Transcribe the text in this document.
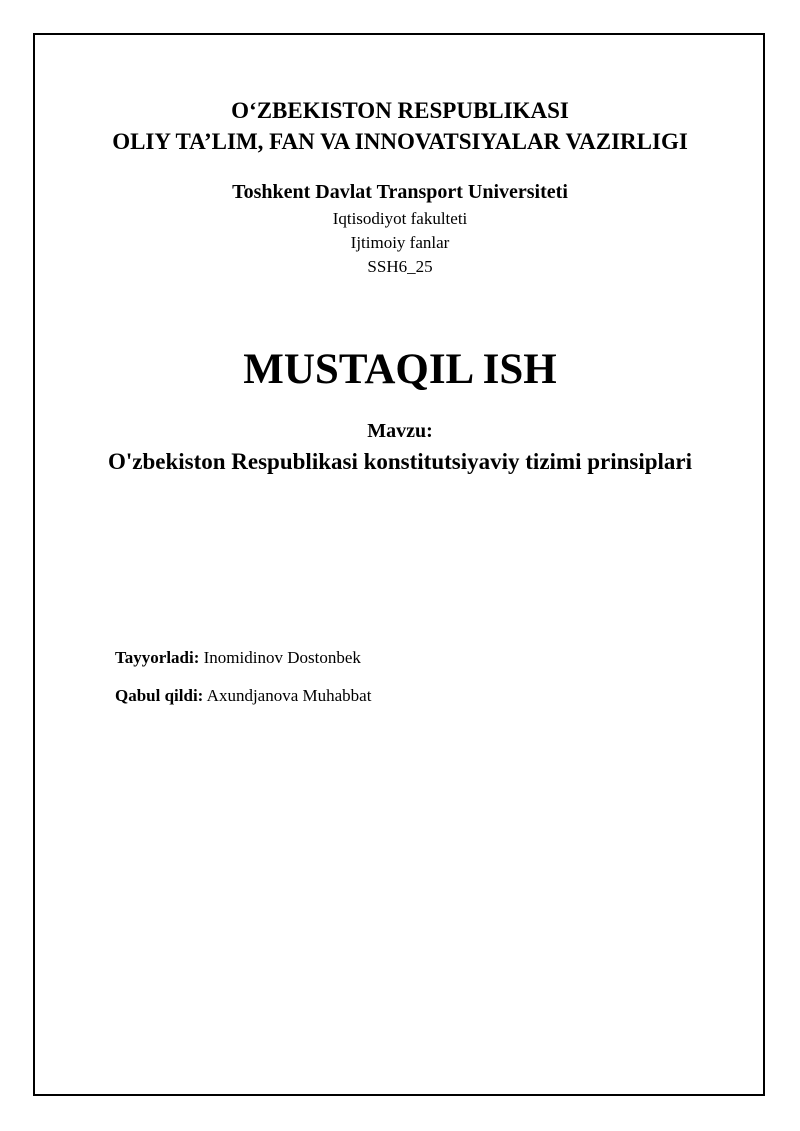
O‘ZBEKISTON RESPUBLIKASI
OLIY TA’LIM, FAN VA INNOVATSIYALAR VAZIRLIGI
Toshkent Davlat Transport Universiteti
Iqtisodiyot fakulteti
Ijtimoiy fanlar
SSH6_25
MUSTAQIL ISH
Mavzu:
O'zbekiston Respublikasi konstitutsiyaviy tizimi prinsiplari
Tayyorladi: Inomidinov Dostonbek
Qabul qildi: Axundjanova Muhabbat
